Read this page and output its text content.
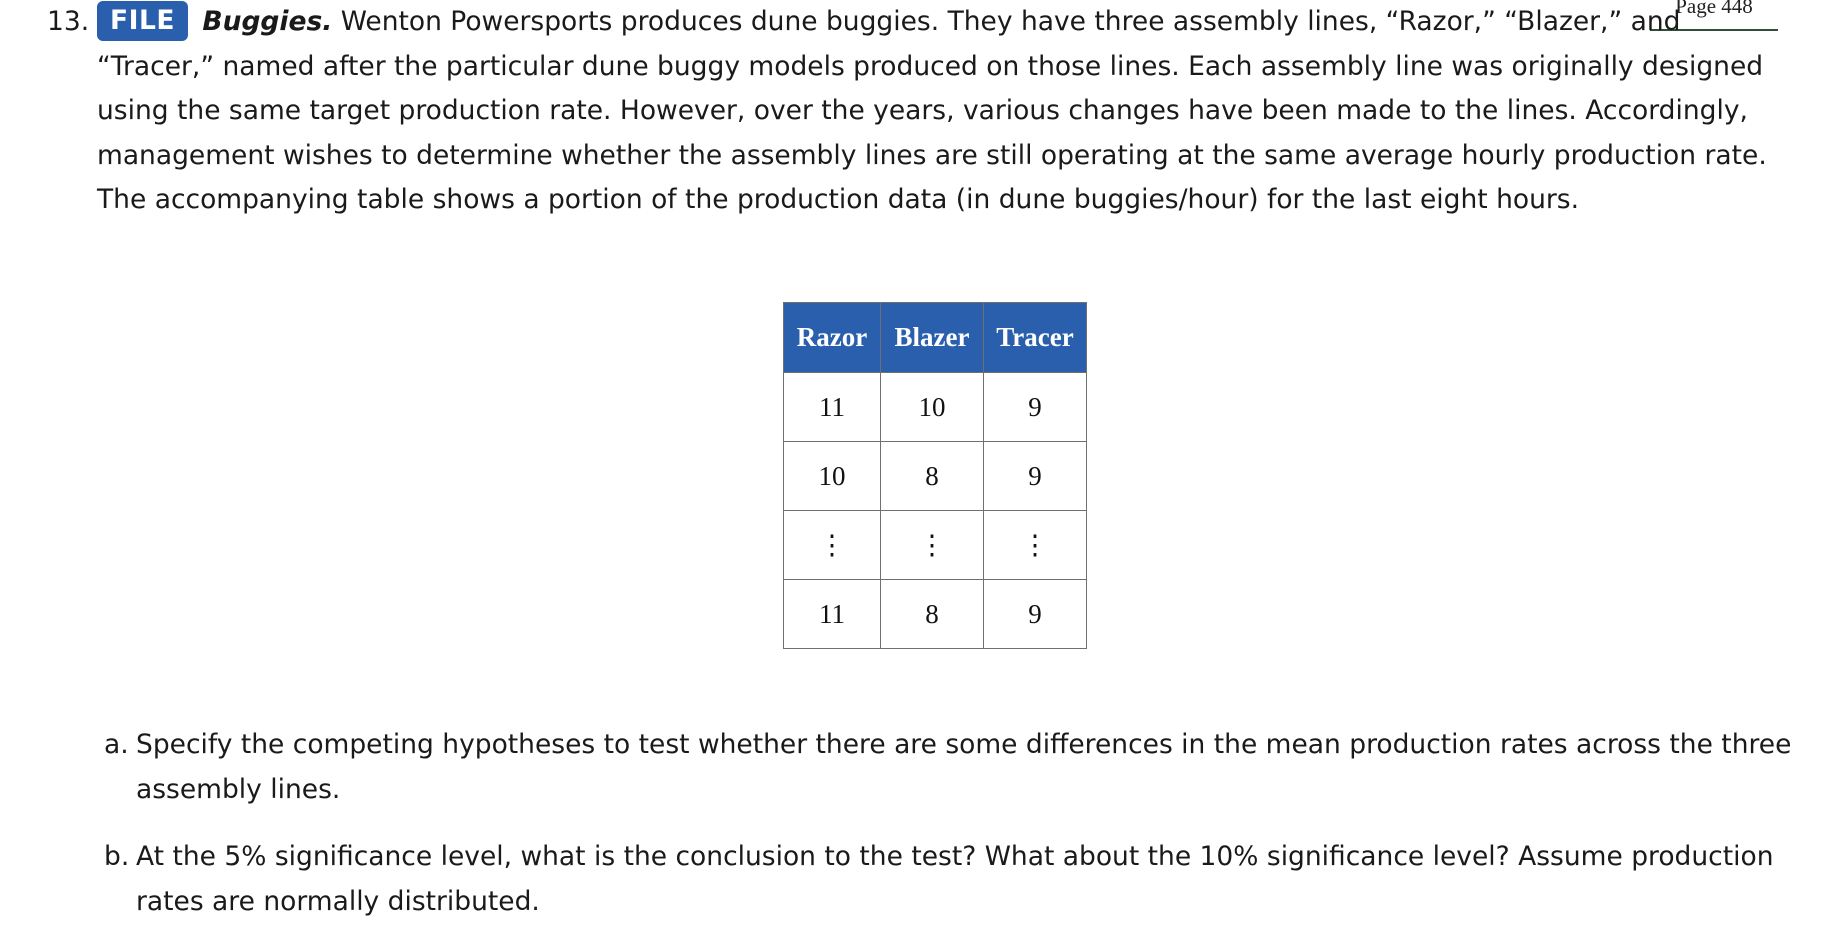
Page 448

13. FILE Buggies. Wenton Powersports produces dune buggies. They have three assembly lines, “Razor,” “Blazer,” and “Tracer,” named after the particular dune buggy models produced on those lines. Each assembly line was originally designed using the same target production rate. However, over the years, various changes have been made to the lines. Accordingly, management wishes to determine whether the assembly lines are still operating at the same average hourly production rate. The accompanying table shows a portion of the production data (in dune buggies/hour) for the last eight hours.

Razor	Blazer	Tracer
11	10	9
10	8	9
⋮	⋮	⋮
11	8	9
a. Specify the competing hypotheses to test whether there are some differences in the mean production rates across the three assembly lines.
b. At the 5% significance level, what is the conclusion to the test? What about the 10% significance level? Assume production rates are normally distributed.
